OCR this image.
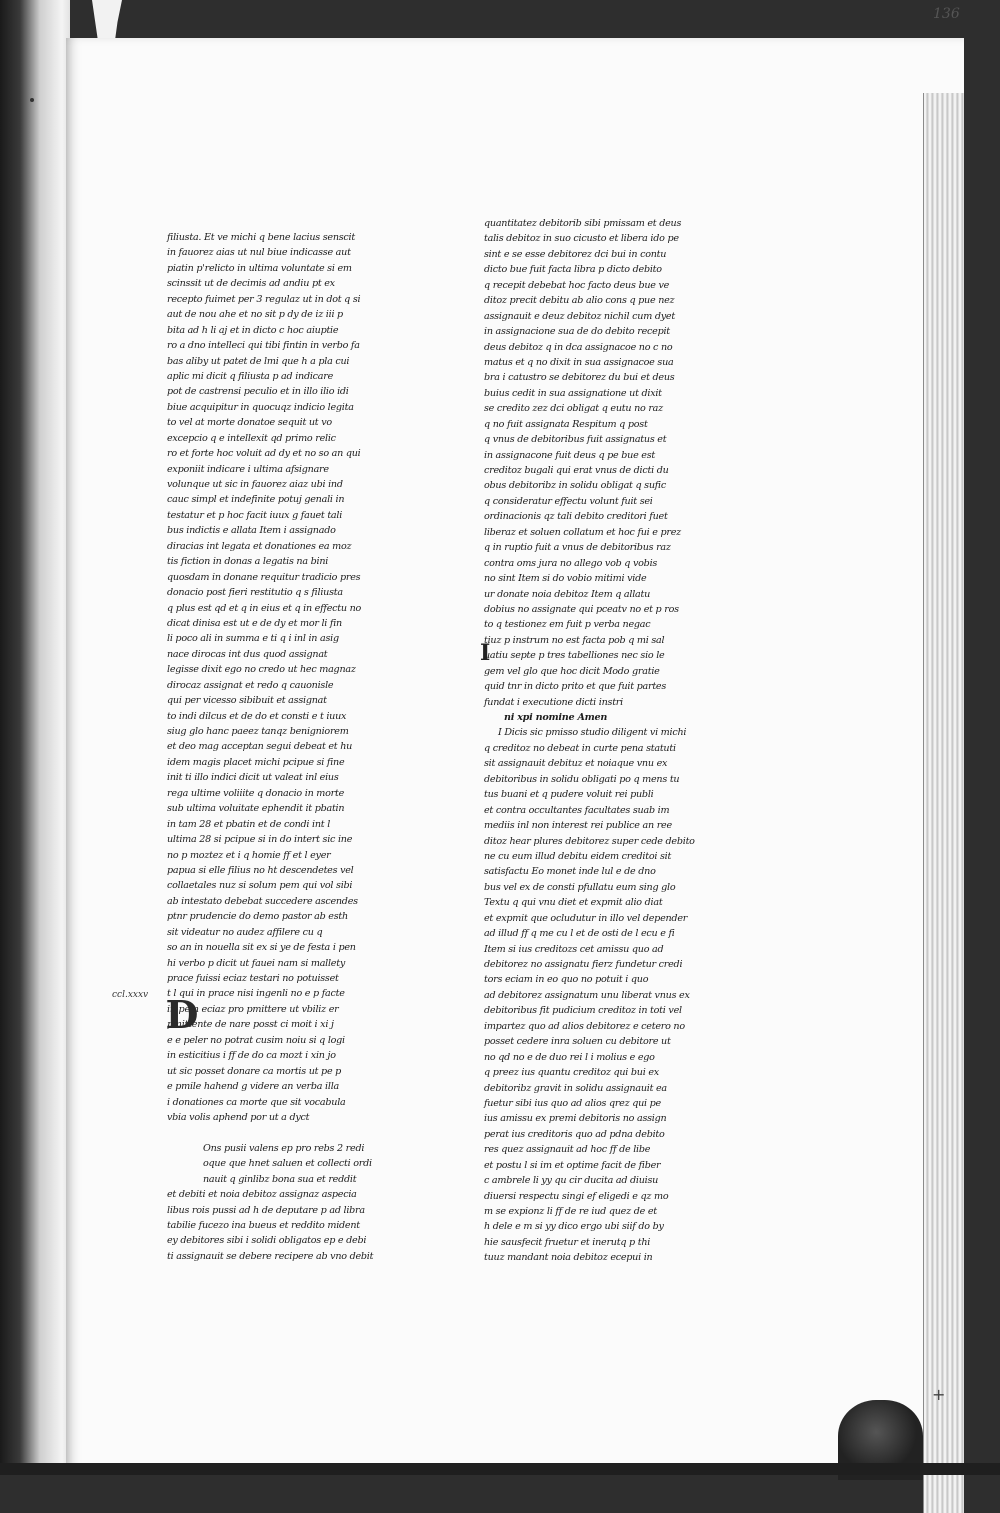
136
filiusta. Et ve michi q bene lacius senscit
in fauorez aias ut nul biue indicasse aut
piatin p'relicto in ultima voluntate si em
scinssit ut de decimis ad andiu pt ex
recepto fuimet per 3 regulaz ut in dot q si
aut de nou ahe et no sit p dy de iz iii p
bita ad h li aj et in dicto c hoc aiuptie
ro a dno intelleci qui tibi fintin in verbo fa
bas aliby ut patet de lmi que h a pla cui
aplic mi dicit q filiusta p ad indicare
pot de castrensi peculio et in illo ilio idi
biue acquipitur in quocuqz indicio legita
to vel at morte donatoe sequit ut vo
excepcio q e intellexit qd primo relic
ro et forte hoc voluit ad dy et no so an qui
exponiit indicare i ultima afsignare
volunque ut sic in fauorez aiaz ubi ind
cauc simpl et indefinite potuj genali in
testatur et p hoc facit iuux g fauet tali
bus indictis e allata Item i assignado
diracias int legata et donationes ea moz
tis fiction in donas a legatis na bini
quosdam in donane requitur tradicio pres
donacio post fieri restitutio q s filiusta
q plus est qd et q in eius et q in effectu no
dicat dinisa est ut e de dy et mor li fin
li poco ali in summa e ti q i inl in asig
nace dirocas int dus quod assignat
legisse dixit ego no credo ut hec magnaz
dirocaz assignat et redo q cauonisle
qui per vicesso sibibuit et assignat
to indi dilcus et de do et consti e t iuux
siug glo hanc paeez tanqz benigniorem
et deo mag acceptan segui debeat et hu
idem magis placet michi pcipue si fine
init ti illo indici dicit ut valeat inl eius
rega ultime voliiite q donacio in morte
sub ultima voluitate ephendit it pbatin
in tam 28 et pbatin et de condi int l
ultima 28 si pcipue si in do intert sic ine
no p moztez et i q homie ff et l eyer
papua si elle filius no ht descendetes vel
collaetales nuz si solum pem qui vol sibi
ab intestato debebat succedere ascendes
ptnr prudencie do demo pastor ab esth
sit videatur no audez affilere cu q
so an in nouella sit ex si ye de festa i pen
hi verbo p dicit ut fauei nam si mallety
prace fuissi eciaz testari no potuisset
t l qui in prace nisi ingenli no e p facte
in pem eciaz pro pmittere ut vbiliz er
pmittente de nare posst ci moit i xi j
e e peler no potrat cusim noiu si q logi
in esticitius i ff de do ca mozt i xin jo
ut sic posset donare ca mortis ut pe p
e pmile hahend g videre an verba illa
i donationes ca morte que sit vocabula
vbia volis aphend por ut a dyct
Ons pusii valens ep pro rebs 2 redi
oque que hnet saluen et collecti ordi
nauit q ginlibz bona sua et reddit
et debiti et noia debitoz assignaz aspecia
libus rois pussi ad h de deputare p ad libra
tabilie fucezo ina bueus et reddito mident
ey debitores sibi i solidi obligatos ep e debi
ti assignauit se debere recipere ab vno debit
quantitatez debitorib sibi pmissam et deus
talis debitoz in suo cicusto et libera ido pe
sint e se esse debitorez dci bui in contu
dicto bue fuit facta libra p dicto debito
q recepit debebat hoc facto deus bue ve
ditoz precit debitu ab alio cons q pue nez
assignauit e deuz debitoz nichil cum dyet
in assignacione sua de do debito recepit
deus debitoz q in dca assignacoe no c no
matus et q no dixit in sua assignacoe sua
bra i catustro se debitorez du bui et deus
buius cedit in sua assignatione ut dixit
se credito zez dci obligat q eutu no raz
q no fuit assignata Respitum q post
q vnus de debitoribus fuit assignatus et
in assignacone fuit deus q pe bue est
creditoz bugali qui erat vnus de dicti du
obus debitoribz in solidu obligat q sufic
q consideratur effectu volunt fuit sei
ordinacionis qz tali debito creditori fuet
liberaz et soluen collatum et hoc fui e prez
q in ruptio fuit a vnus de debitoribus raz
contra oms jura no allego vob q vobis
no sint Item si do vobio mitimi vide
ur donate noia debitoz Item q allatu
dobius no assignate qui pceatv no et p ros
to q testionez em fuit p verba negac
tiuz p instrum no est facta pob q mi sal
uatiu septe p tres tabelliones nec sio le
gem vel glo que hoc dicit Modo gratie
quid tnr in dicto prito et que fuit partes
fundat i executione dicti instri
ni xpi nomine Amen
I Dicis sic pmisso studio diligent vi michi
q creditoz no debeat in curte pena statuti
sit assignauit debituz et noiaque vnu ex
debitoribus in solidu obligati po q mens tu
tus buani et q pudere voluit rei publi
et contra occultantes facultates suab im
mediis inl non interest rei publice an ree
ditoz hear plures debitorez super cede debito
ne cu eum illud debitu eidem creditoi sit
satisfactu Eo monet inde lul e de dno
bus vel ex de consti pfullatu eum sing glo
Textu q qui vnu diet et expmit alio diat
et expmit que ocludutur in illo vel depender
ad illud ff q me cu l et de osti de l ecu e fi
Item si ius creditozs cet amissu quo ad
debitorez no assignatu fierz fundetur credi
tors eciam in eo quo no potuit i quo
ad debitorez assignatum unu liberat vnus ex
debitoribus fit pudicium creditoz in toti vel
impartez quo ad alios debitorez e cetero no
posset cedere inra soluen cu debitore ut
no qd no e de duo rei l i molius e ego
q preez ius quantu creditoz qui bui ex
debitoribz gravit in solidu assignauit ea
fuetur sibi ius quo ad alios qrez qui pe
ius amissu ex premi debitoris no assign
perat ius creditoris quo ad pdna debito
res quez assignauit ad hoc ff de libe
et postu l si im et optime facit de fiber
c ambrele li yy qu cir ducita ad diuisu
diuersi respectu singi ef eligedi e qz mo
m se expionz li ff de re iud quez de et
h dele e m si yy dico ergo ubi siif do by
hie sausfecit fruetur et inerutq p thi
tuuz mandant noia debitoz ecepui in
ccl.xxxv D
I
+
